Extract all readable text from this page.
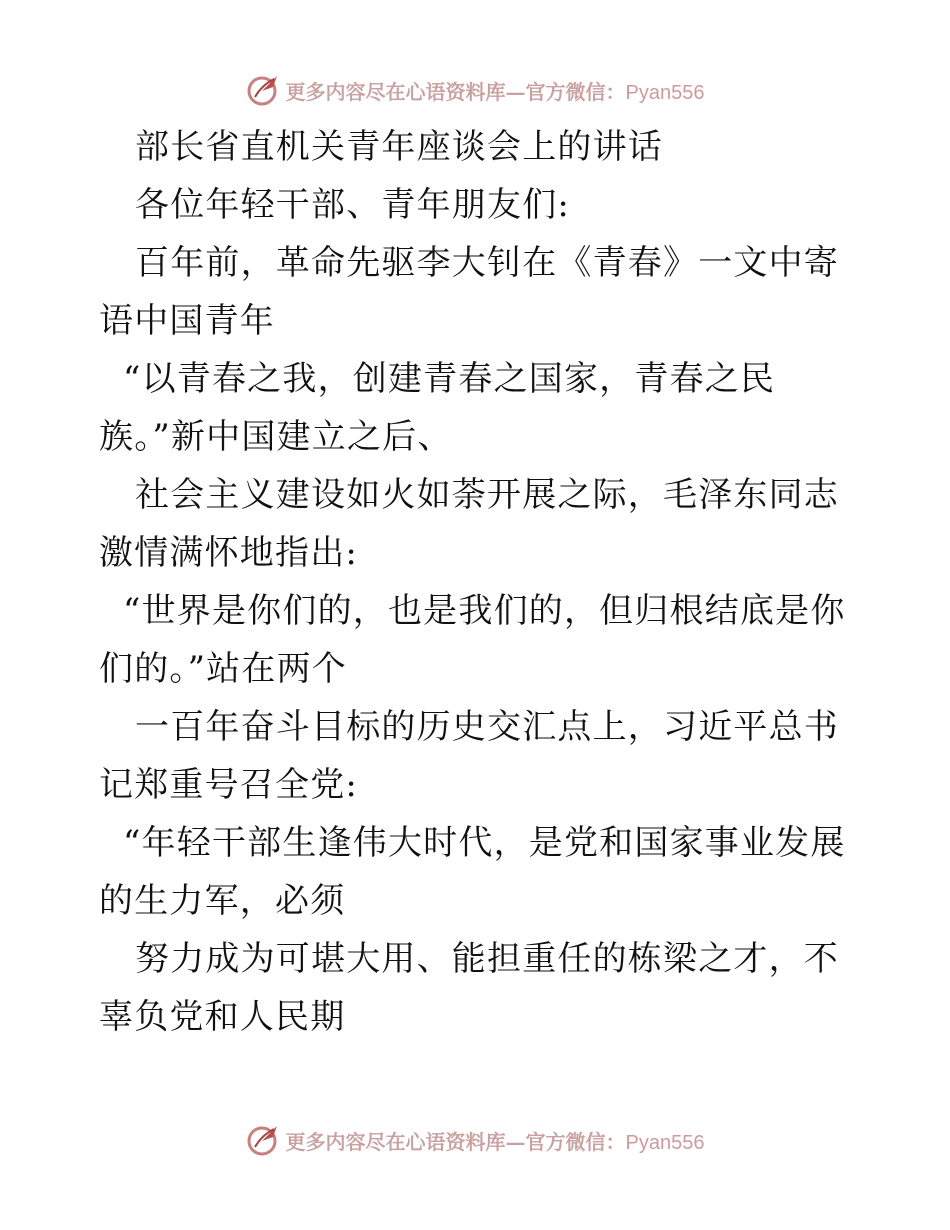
更多内容尽在心语资料库—官方微信：Pyan556

部长省直机关青年座谈会上的讲话

各位年轻干部、青年朋友们:

百年前，革命先驱李大钊在《青春》一文中寄语中国青年

“以青春之我，创建青春之国家，青春之民族。”新中国建立之后、

社会主义建设如火如荼开展之际，毛泽东同志激情满怀地指出:

“世界是你们的，也是我们的，但归根结底是你们的。”站在两个

一百年奋斗目标的历史交汇点上，习近平总书记郑重号召全党:

“年轻干部生逢伟大时代，是党和国家事业发展的生力军，必须

努力成为可堪大用、能担重任的栋梁之才，不辜负党和人民期

更多内容尽在心语资料库—官方微信：Pyan556
